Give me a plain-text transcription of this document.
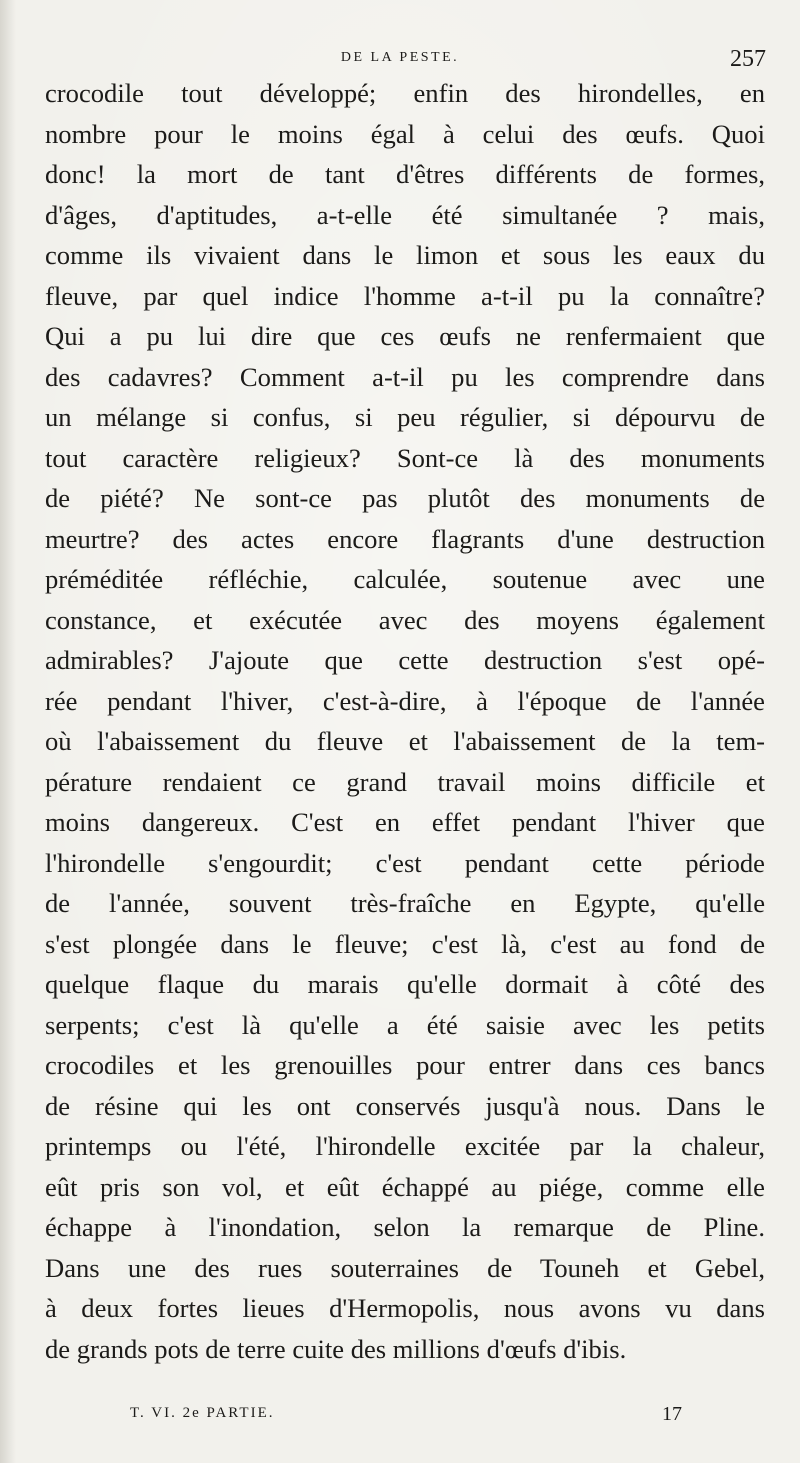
DE LA PESTE.	257
crocodile tout développé; enfin des hirondelles, en
nombre pour le moins égal à celui des œufs. Quoi
donc! la mort de tant d'êtres différents de formes,
d'âges, d'aptitudes, a-t-elle été simultanée ? mais,
comme ils vivaient dans le limon et sous les eaux du
fleuve, par quel indice l'homme a-t-il pu la connaître?
Qui a pu lui dire que ces œufs ne renfermaient que
des cadavres? Comment a-t-il pu les comprendre dans
un mélange si confus, si peu régulier, si dépourvu de
tout caractère religieux? Sont-ce là des monuments
de piété? Ne sont-ce pas plutôt des monuments de
meurtre? des actes encore flagrants d'une destruction
préméditée réfléchie, calculée, soutenue avec une
constance, et exécutée avec des moyens également
admirables? J'ajoute que cette destruction s'est opé-
rée pendant l'hiver, c'est-à-dire, à l'époque de l'année
où l'abaissement du fleuve et l'abaissement de la tem-
pérature rendaient ce grand travail moins difficile et
moins dangereux. C'est en effet pendant l'hiver que
l'hirondelle s'engourdit; c'est pendant cette période
de l'année, souvent très-fraîche en Egypte, qu'elle
s'est plongée dans le fleuve; c'est là, c'est au fond de
quelque flaque du marais qu'elle dormait à côté des
serpents; c'est là qu'elle a été saisie avec les petits
crocodiles et les grenouilles pour entrer dans ces bancs
de résine qui les ont conservés jusqu'à nous. Dans le
printemps ou l'été, l'hirondelle excitée par la chaleur,
eût pris son vol, et eût échappé au piége, comme elle
échappe à l'inondation, selon la remarque de Pline.
Dans une des rues souterraines de Touneh et Gebel,
à deux fortes lieues d'Hermopolis, nous avons vu dans
de grands pots de terre cuite des millions d'œufs d'ibis.
T. VI. 2e PARTIE.	17
